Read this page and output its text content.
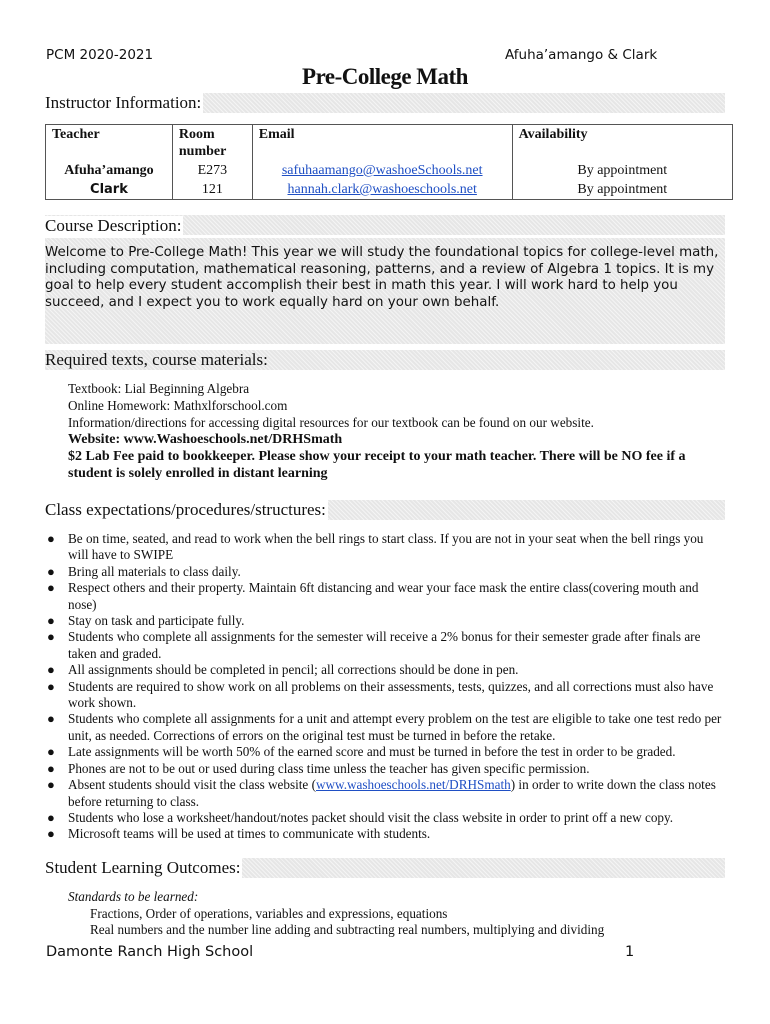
PCM 2020-2021	Afuha’amango & Clark
Pre-College Math
Instructor Information:
Teacher	Room number	Email	Availability
Afuha’amango	E273	safuhaamango@washoeSchools.net	By appointment
Clark	121	hannah.clark@washoeschools.net	By appointment
Course Description:
Welcome to Pre-College Math! This year we will study the foundational topics for college-level math, including computation, mathematical reasoning, patterns, and a review of Algebra 1 topics. It is my goal to help every student accomplish their best in math this year. I will work hard to help you succeed, and I expect you to work equally hard on your own behalf.
Required texts, course materials:
Textbook: Lial Beginning Algebra
Online Homework: Mathxlforschool.com
Information/directions for accessing digital resources for our textbook can be found on our website.
Website: www.Washoeschools.net/DRHSmath
$2 Lab Fee paid to bookkeeper. Please show your receipt to your math teacher. There will be NO fee if a student is solely enrolled in distant learning
Class expectations/procedures/structures:
● Be on time, seated, and read to work when the bell rings to start class. If you are not in your seat when the bell rings you will have to SWIPE
● Bring all materials to class daily.
● Respect others and their property. Maintain 6ft distancing and wear your face mask the entire class(covering mouth and nose)
● Stay on task and participate fully.
● Students who complete all assignments for the semester will receive a 2% bonus for their semester grade after finals are taken and graded.
● All assignments should be completed in pencil; all corrections should be done in pen.
● Students are required to show work on all problems on their assessments, tests, quizzes, and all corrections must also have work shown.
● Students who complete all assignments for a unit and attempt every problem on the test are eligible to take one test redo per unit, as needed. Corrections of errors on the original test must be turned in before the retake.
● Late assignments will be worth 50% of the earned score and must be turned in before the test in order to be graded.
● Phones are not to be out or used during class time unless the teacher has given specific permission.
● Absent students should visit the class website (www.washoeschools.net/DRHSmath) in order to write down the class notes before returning to class.
● Students who lose a worksheet/handout/notes packet should visit the class website in order to print off a new copy.
● Microsoft teams will be used at times to communicate with students.
Student Learning Outcomes:
Standards to be learned:
Fractions, Order of operations, variables and expressions, equations
Real numbers and the number line adding and subtracting real numbers, multiplying and dividing
Damonte Ranch High School	1
